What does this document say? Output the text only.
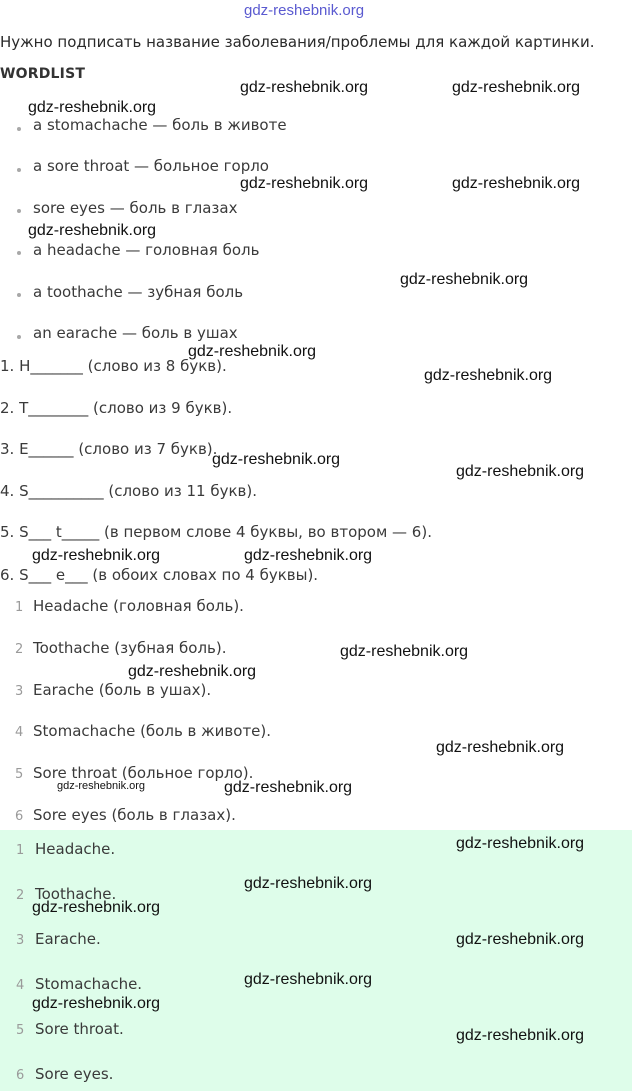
gdz-reshebnik.org
Нужно подписать название заболевания/проблемы для каждой картинки.
WORDLIST
a stomachache — боль в животе
a sore throat — больное горло
sore eyes — боль в глазах
a headache — головная боль
a toothache — зубная боль
an earache — боль в ушах
1. H_______ (слово из 8 букв).
2. T________ (слово из 9 букв).
3. E______ (слово из 7 букв).
4. S__________ (слово из 11 букв).
5. S___ t_____ (в первом слове 4 буквы, во втором — 6).
6. S___ e___ (в обоих словах по 4 буквы).
1 Headache (головная боль).
2 Toothache (зубная боль).
3 Earache (боль в ушах).
4 Stomachache (боль в животе).
5 Sore throat (больное горло).
6 Sore eyes (боль в глазах).
1 Headache.
2 Toothache.
3 Earache.
4 Stomachache.
5 Sore throat.
6 Sore eyes.
gdz-reshebnik.org	gdz-reshebnik.org
gdz-reshebnik.org
gdz-reshebnik.org	gdz-reshebnik.org
gdz-reshebnik.org
gdz-reshebnik.org
gdz-reshebnik.org
gdz-reshebnik.org
gdz-reshebnik.org
gdz-reshebnik.org
gdz-reshebnik.org	gdz-reshebnik.org
gdz-reshebnik.org
gdz-reshebnik.org
gdz-reshebnik.org
gdz-reshebnik.org	gdz-reshebnik.org
gdz-reshebnik.org
gdz-reshebnik.org
gdz-reshebnik.org
gdz-reshebnik.org
gdz-reshebnik.org
gdz-reshebnik.org
gdz-reshebnik.org
